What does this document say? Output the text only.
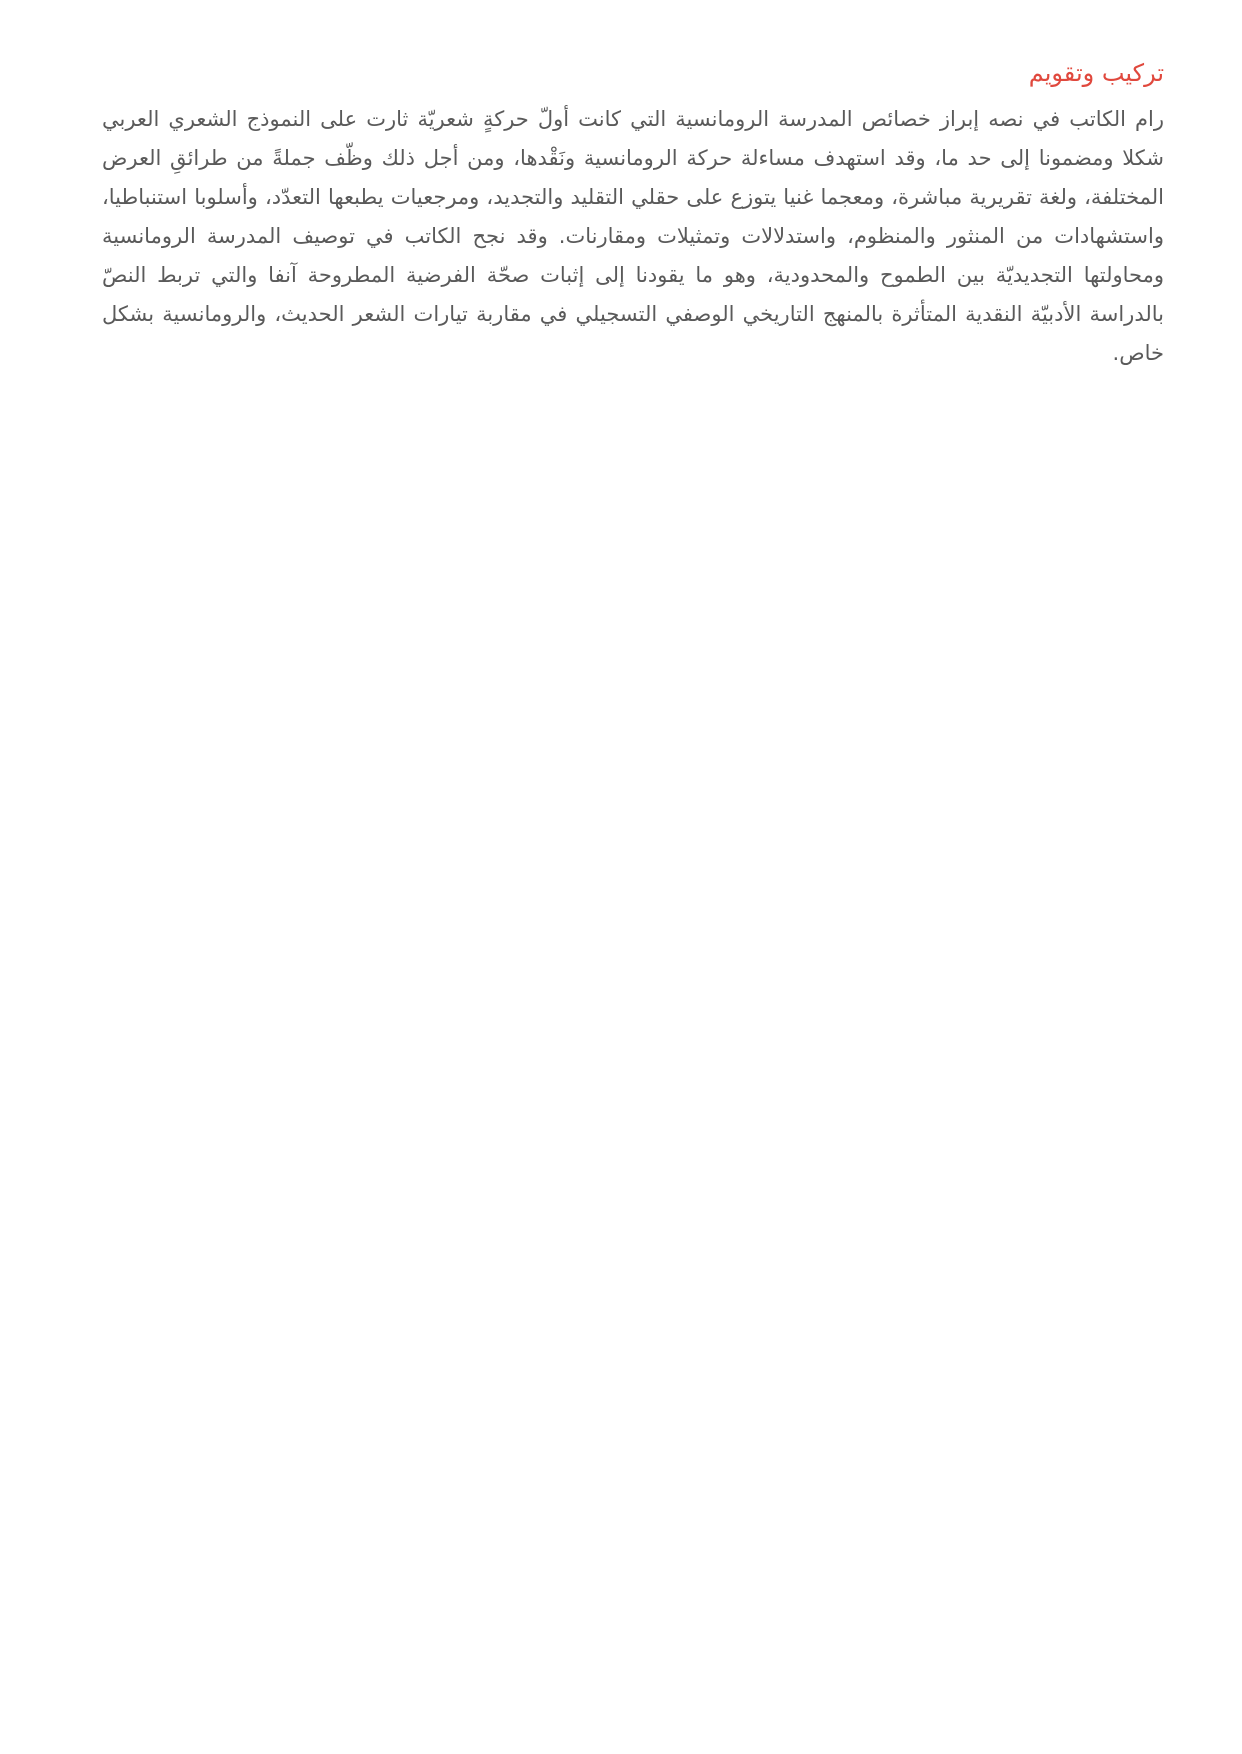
تركيب وتقويم

رام الكاتب في نصه إبراز خصائص المدرسة الرومانسية التي كانت أولّ حركةٍ شعريّة ثارت على النموذج الشعري العربي شكلا ومضمونا إلى حد ما، وقد استهدف مساءلة حركة الرومانسية ونَقْدها، ومن أجل ذلك وظّف جملةً من طرائقِ العرض المختلفة، ولغة تقريرية مباشرة، ومعجما غنيا يتوزع على حقلي التقليد والتجديد، ومرجعيات يطبعها التعدّد، وأسلوبا استنباطيا، واستشهادات من المنثور والمنظوم، واستدلالات وتمثيلات ومقارنات. وقد نجح الكاتب في توصيف المدرسة الرومانسية ومحاولتها التجديديّة بين الطموح والمحدودية، وهو ما يقودنا إلى إثبات صحّة الفرضية المطروحة آنفا والتي تربط النصّ بالدراسة الأدبيّة النقدية المتأثرة بالمنهج التاريخي الوصفي التسجيلي في مقاربة تيارات الشعر الحديث، والرومانسية بشكل خاص.
